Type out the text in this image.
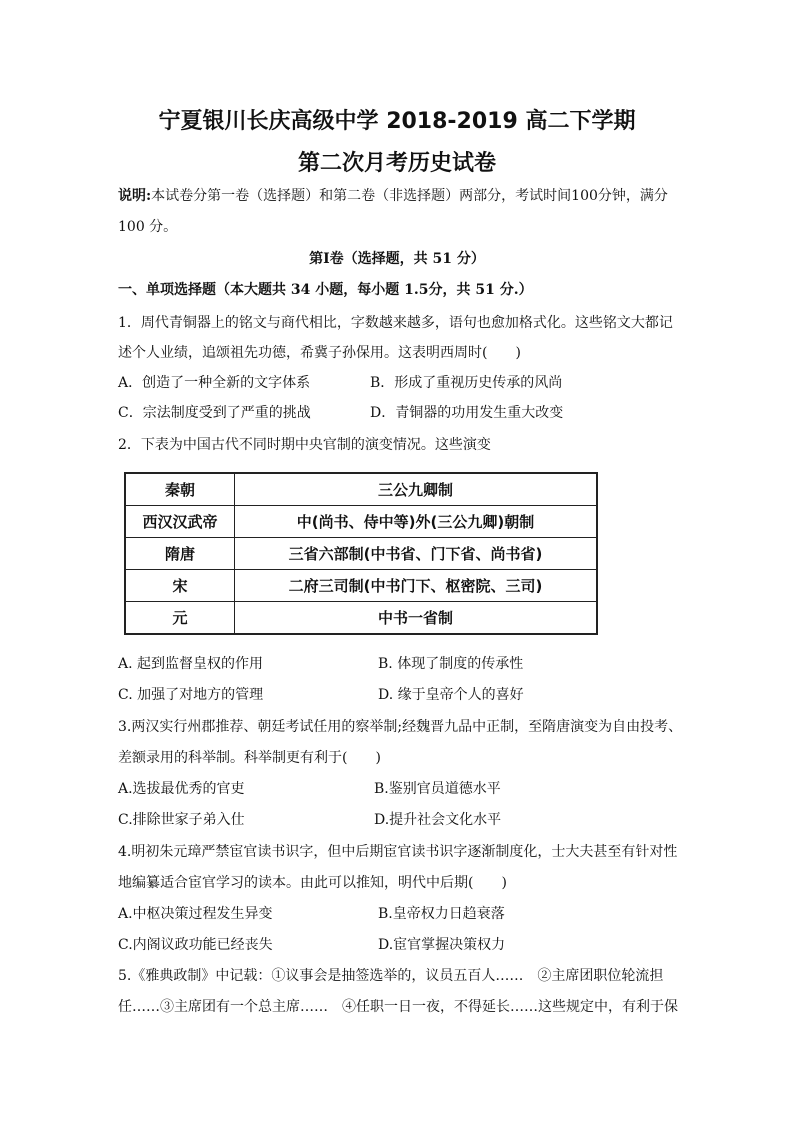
宁夏银川长庆高级中学 2018-2019 高二下学期
第二次月考历史试卷
说明:本试卷分第一卷（选择题）和第二卷（非选择题）两部分，考试时间100分钟，满分
100 分。
第Ⅰ卷（选择题，共 51 分）
一、单项选择题（本大题共 34 小题，每小题 1.5分，共 51 分.）
1．周代青铜器上的铭文与商代相比，字数越来越多，语句也愈加格式化。这些铭文大都记
述个人业绩，追颂祖先功德，希冀子孙保用。这表明西周时(　　)
A．创造了一种全新的文字体系	B．形成了重视历史传承的风尚
C．宗法制度受到了严重的挑战	D．青铜器的功用发生重大改变
2．下表为中国古代不同时期中央官制的演变情况。这些演变
秦朝	三公九卿制
西汉汉武帝	中(尚书、侍中等)外(三公九卿)朝制
隋唐	三省六部制(中书省、门下省、尚书省)
宋	二府三司制(中书门下、枢密院、三司)
元	中书一省制
A. 起到监督皇权的作用	B. 体现了制度的传承性
C. 加强了对地方的管理	D. 缘于皇帝个人的喜好
3.两汉实行州郡推荐、朝廷考试任用的察举制;经魏晋九品中正制，至隋唐演变为自由投考、
差额录用的科举制。科举制更有利于(　　)
A.选拔最优秀的官吏	B.鉴别官员道德水平
C.排除世家子弟入仕	D.提升社会文化水平
4.明初朱元璋严禁宦官读书识字，但中后期宦官读书识字逐渐制度化，士大夫甚至有针对性
地编纂适合宦官学习的读本。由此可以推知，明代中后期(　　)
A.中枢决策过程发生异变	B.皇帝权力日趋衰落
C.内阁议政功能已经丧失	D.宦官掌握决策权力
5.《雅典政制》中记载：①议事会是抽签选举的，议员五百人……　②主席团职位轮流担
任……③主席团有一个总主席……　④任职一日一夜，不得延长……这些规定中，有利于保
